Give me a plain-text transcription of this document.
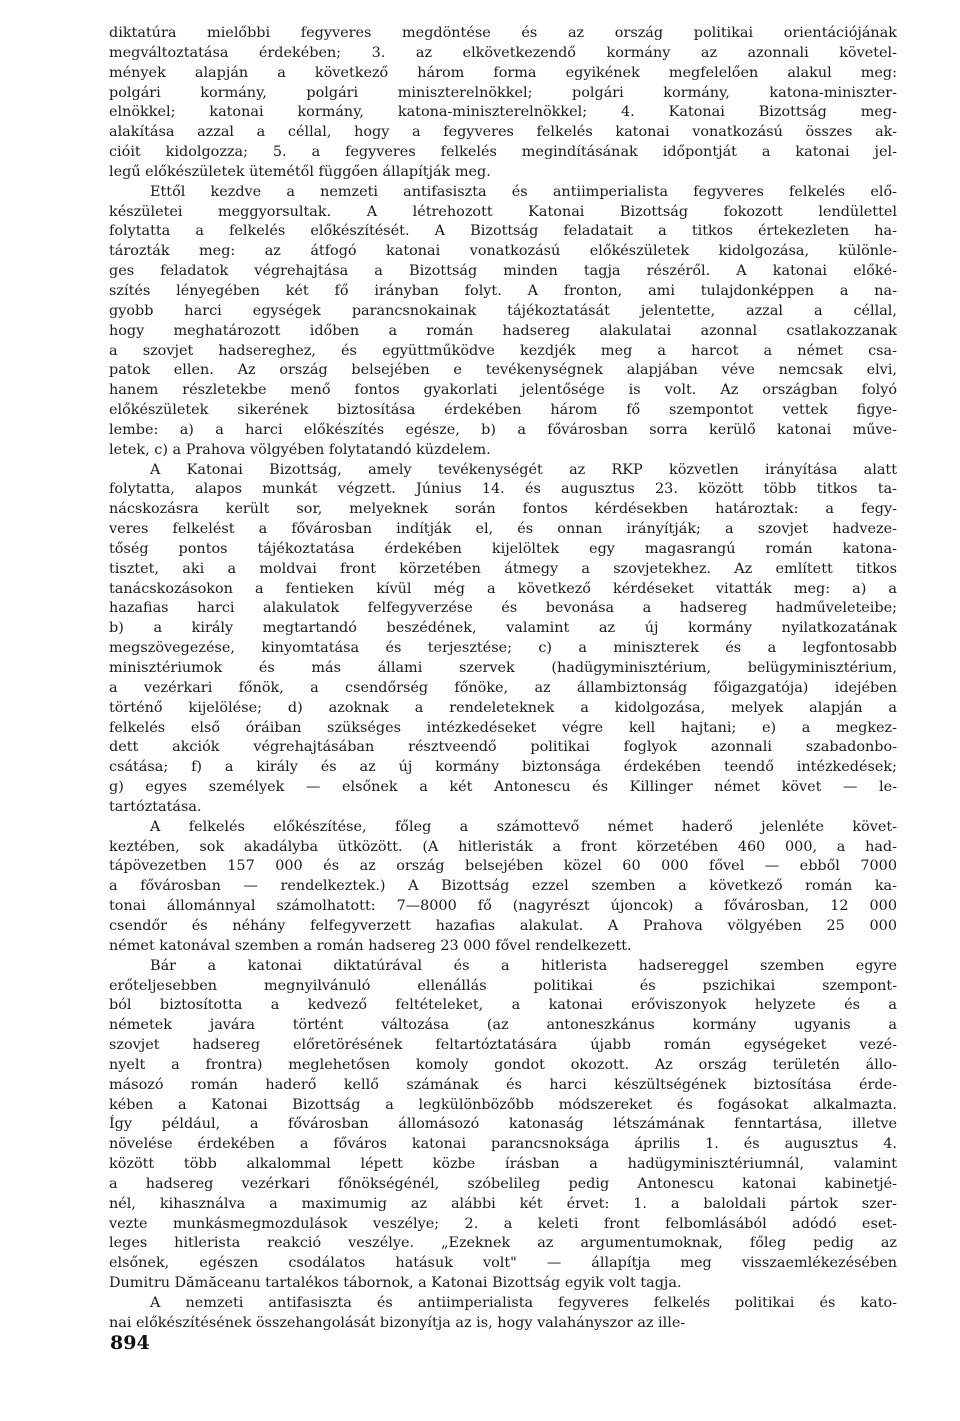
diktatúra mielőbbi fegyveres megdöntése és az ország politikai orientációjának
megváltoztatása érdekében; 3. az elkövetkezendő kormány az azonnali követel-
mények alapján a következő három forma egyikének megfelelően alakul meg:
polgári kormány, polgári miniszterelnökkel; polgári kormány, katona-miniszter-
elnökkel; katonai kormány, katona-miniszterelnökkel; 4. Katonai Bizottság meg-
alakítása azzal a céllal, hogy a fegyveres felkelés katonai vonatkozású összes ak-
cióit kidolgozza; 5. a fegyveres felkelés megindításának időpontját a katonai jel-
legű előkészületek ütemétől függően állapítják meg.
Ettől kezdve a nemzeti antifasiszta és antiimperialista fegyveres felkelés elő-
készületei meggyorsultak. A létrehozott Katonai Bizottság fokozott lendülettel
folytatta a felkelés előkészítését. A Bizottság feladatait a titkos értekezleten ha-
tározták meg: az átfogó katonai vonatkozású előkészületek kidolgozása, különle-
ges feladatok végrehajtása a Bizottság minden tagja részéről. A katonai előké-
szítés lényegében két fő irányban folyt. A fronton, ami tulajdonképpen a na-
gyobb harci egységek parancsnokainak tájékoztatását jelentette, azzal a céllal,
hogy meghatározott időben a román hadsereg alakulatai azonnal csatlakozzanak
a szovjet hadsereghez, és együttműködve kezdjék meg a harcot a német csa-
patok ellen. Az ország belsejében e tevékenységnek alapjában véve nemcsak elvi,
hanem részletekbe menő fontos gyakorlati jelentősége is volt. Az országban folyó
előkészületek sikerének biztosítása érdekében három fő szempontot vettek figye-
lembe: a) a harci előkészítés egésze, b) a fővárosban sorra kerülő katonai műve-
letek, c) a Prahova völgyében folytatandó küzdelem.
A Katonai Bizottság, amely tevékenységét az RKP közvetlen irányítása alatt
folytatta, alapos munkát végzett. Június 14. és augusztus 23. között több titkos ta-
nácskozásra került sor, melyeknek során fontos kérdésekben határoztak: a fegy-
veres felkelést a fővárosban indítják el, és onnan irányítják; a szovjet hadveze-
tőség pontos tájékoztatása érdekében kijelöltek egy magasrangú román katona-
tisztet, aki a moldvai front körzetében átmegy a szovjetekhez. Az említett titkos
tanácskozásokon a fentieken kívül még a következő kérdéseket vitatták meg: a) a
hazafias harci alakulatok felfegyverzése és bevonása a hadsereg hadműveleteibe;
b) a király megtartandó beszédének, valamint az új kormány nyilatkozatának
megszövegezése, kinyomtatása és terjesztése; c) a miniszterek és a legfontosabb
minisztériumok és más állami szervek (hadügyminisztérium, belügyminisztérium,
a vezérkari főnök, a csendőrség főnöke, az állambiztonság főigazgatója) idejében
történő kijelölése; d) azoknak a rendeleteknek a kidolgozása, melyek alapján a
felkelés első óráiban szükséges intézkedéseket végre kell hajtani; e) a megkez-
dett akciók végrehajtásában résztveendő politikai foglyok azonnali szabadonbo-
csátása; f) a király és az új kormány biztonsága érdekében teendő intézkedések;
g) egyes személyek — elsőnek a két Antonescu és Killinger német követ — le-
tartóztatása.
A felkelés előkészítése, főleg a számottevő német haderő jelenléte követ-
keztében, sok akadályba ütközött. (A hitleristák a front körzetében 460 000, a had-
tápövezetben 157 000 és az ország belsejében közel 60 000 fővel — ebből 7000
a fővárosban — rendelkeztek.) A Bizottság ezzel szemben a következő román ka-
tonai állománnyal számolhatott: 7—8000 fő (nagyrészt újoncok) a fővárosban, 12 000
csendőr és néhány felfegyverzett hazafias alakulat. A Prahova völgyében 25 000
német katonával szemben a román hadsereg 23 000 fővel rendelkezett.
Bár a katonai diktatúrával és a hitlerista hadsereggel szemben egyre
erőteljesebben megnyilvánuló ellenállás politikai és pszichikai szempont-
ból biztosította a kedvező feltételeket, a katonai erőviszonyok helyzete és a
németek javára történt változása (az antoneszkánus kormány ugyanis a
szovjet hadsereg előretörésének feltartóztatására újabb román egységeket vezé-
nyelt a frontra) meglehetősen komoly gondot okozott. Az ország területén állo-
másozó román haderő kellő számának és harci készültségének biztosítása érde-
kében a Katonai Bizottság a legkülönbözőbb módszereket és fogásokat alkalmazta.
Így például, a fővárosban állomásozó katonaság létszámának fenntartása, illetve
növelése érdekében a főváros katonai parancsnoksága április 1. és augusztus 4.
között több alkalommal lépett közbe írásban a hadügyminisztériumnál, valamint
a hadsereg vezérkari főnökségénél, szóbelileg pedig Antonescu katonai kabinetjé-
nél, kihasználva a maximumig az alábbi két érvet: 1. a baloldali pártok szer-
vezte munkásmegmozdulások veszélye; 2. a keleti front felbomlásából adódó eset-
leges hitlerista reakció veszélye. „Ezeknek az argumentumoknak, főleg pedig az
elsőnek, egészen csodálatos hatásuk volt" — állapítja meg visszaemlékezésében
Dumitru Dămăceanu tartalékos tábornok, a Katonai Bizottság egyik volt tagja.
A nemzeti antifasiszta és antiimperialista fegyveres felkelés politikai és kato-
nai előkészítésének összehangolását bizonyítja az is, hogy valahányszor az ille-
894
